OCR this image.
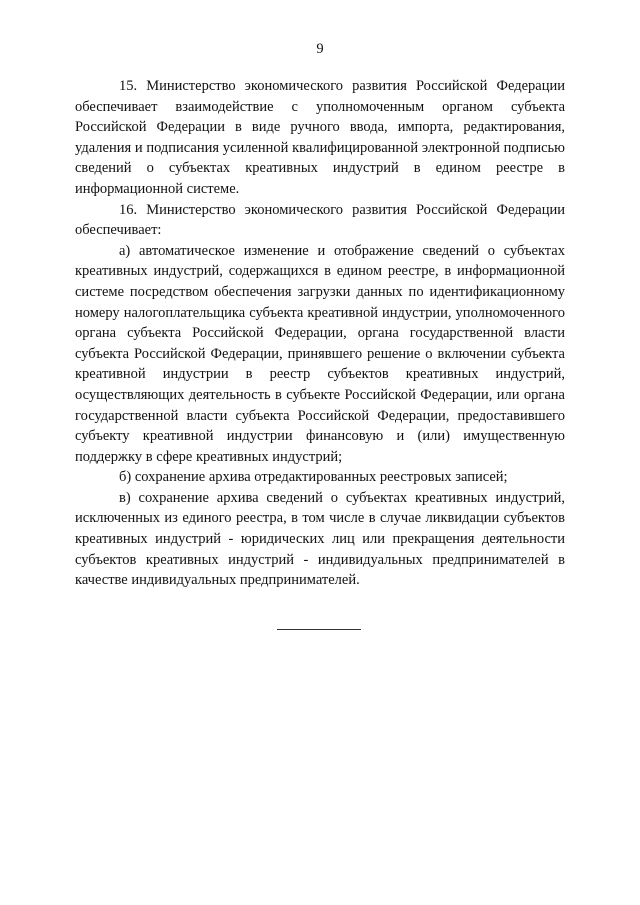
9

15. Министерство экономического развития Российской Федерации обеспечивает взаимодействие с уполномоченным органом субъекта Российской Федерации в виде ручного ввода, импорта, редактирования, удаления и подписания усиленной квалифицированной электронной подписью сведений о субъектах креативных индустрий в едином реестре в информационной системе.

16. Министерство экономического развития Российской Федерации обеспечивает:

а) автоматическое изменение и отображение сведений о субъектах креативных индустрий, содержащихся в едином реестре, в информационной системе посредством обеспечения загрузки данных по идентификационному номеру налогоплательщика субъекта креативной индустрии, уполномоченного органа субъекта Российской Федерации, органа государственной власти субъекта Российской Федерации, принявшего решение о включении субъекта креативной индустрии в реестр субъектов креативных индустрий, осуществляющих деятельность в субъекте Российской Федерации, или органа государственной власти субъекта Российской Федерации, предоставившего субъекту креативной индустрии финансовую и (или) имущественную поддержку в сфере креативных индустрий;

б) сохранение архива отредактированных реестровых записей;

в) сохранение архива сведений о субъектах креативных индустрий, исключенных из единого реестра, в том числе в случае ликвидации субъектов креативных индустрий - юридических лиц или прекращения деятельности субъектов креативных индустрий - индивидуальных предпринимателей в качестве индивидуальных предпринимателей.
